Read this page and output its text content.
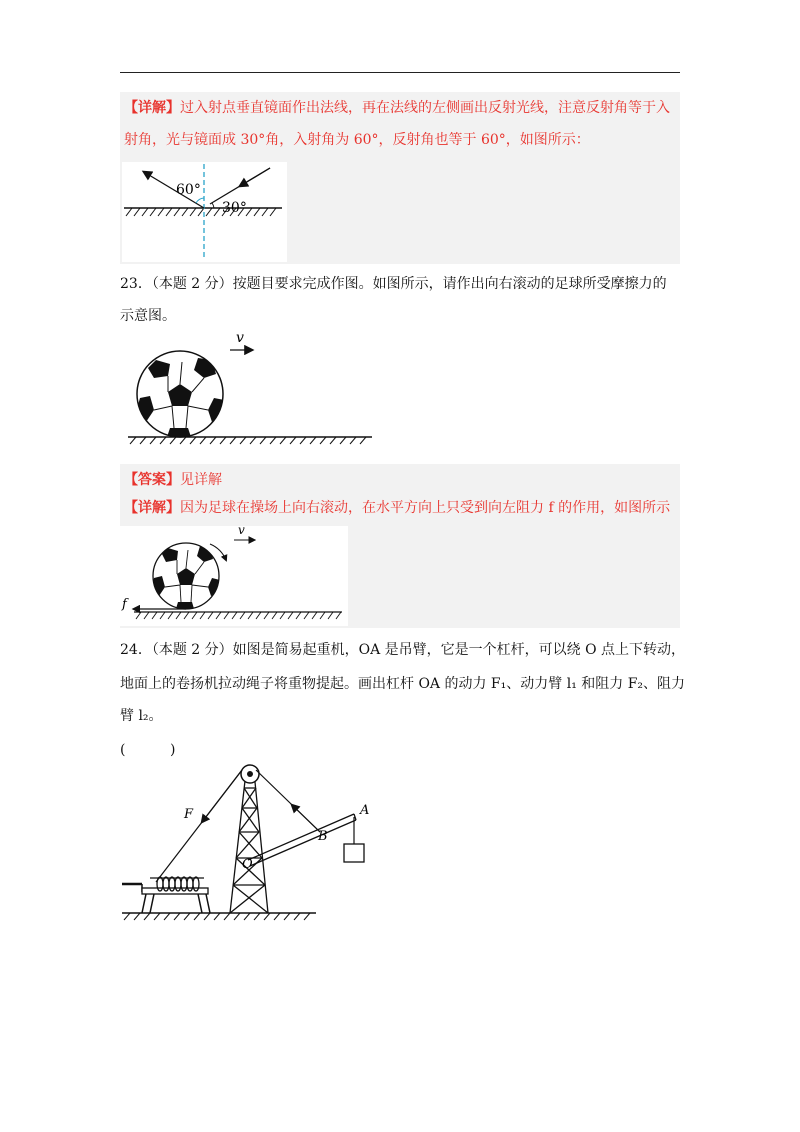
【详解】过入射点垂直镜面作出法线，再在法线的左侧画出反射光线，注意反射角等于入
射角，光与镜面成 30°角，入射角为 60°，反射角也等于 60°，如图所示：
60°
30°
23．（本题 2 分）按题目要求完成作图。如图所示，请作出向右滚动的足球所受摩擦力的
示意图。
v
【答案】见详解
【详解】因为足球在操场上向右滚动，在水平方向上只受到向左阻力 f 的作用，如图所示
v
f
24．（本题 2 分）如图是简易起重机，OA 是吊臂，它是一个杠杆，可以绕 O 点上下转动，
地面上的卷扬机拉动绳子将重物提起。画出杠杆 OA 的动力 F₁、动力臂 l₁ 和阻力 F₂、阻力
臂 l₂。
(          )
F	A
B
O
